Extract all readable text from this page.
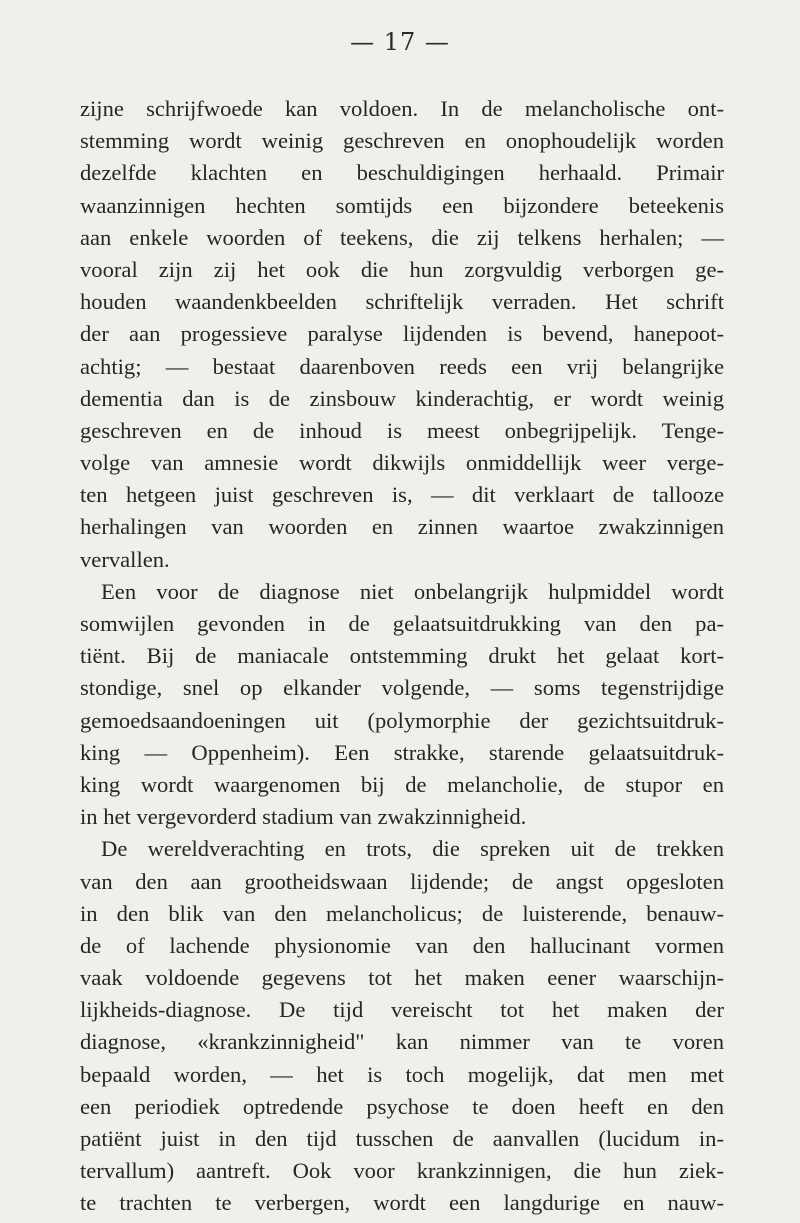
— 17 —
zijne schrijfwoede kan voldoen. In de melancholische ont-
stemming wordt weinig geschreven en onophoudelijk worden
dezelfde klachten en beschuldigingen herhaald. Primair
waanzinnigen hechten somtijds een bijzondere beteekenis
aan enkele woorden of teekens, die zij telkens herhalen; —
vooral zijn zij het ook die hun zorgvuldig verborgen ge-
houden waandenkbeelden schriftelijk verraden. Het schrift
der aan progessieve paralyse lijdenden is bevend, hanepoot-
achtig; — bestaat daarenboven reeds een vrij belangrijke
dementia dan is de zinsbouw kinderachtig, er wordt weinig
geschreven en de inhoud is meest onbegrijpelijk. Tenge-
volge van amnesie wordt dikwijls onmiddellijk weer verge-
ten hetgeen juist geschreven is, — dit verklaart de tallooze
herhalingen van woorden en zinnen waartoe zwakzinnigen
vervallen.
Een voor de diagnose niet onbelangrijk hulpmiddel wordt
somwijlen gevonden in de gelaatsuitdrukking van den pa-
tiënt. Bij de maniacale ontstemming drukt het gelaat kort-
stondige, snel op elkander volgende, — soms tegenstrijdige
gemoedsaandoeningen uit (polymorphie der gezichtsuitdruk-
king — Oppenheim). Een strakke, starende gelaatsuitdruk-
king wordt waargenomen bij de melancholie, de stupor en
in het vergevorderd stadium van zwakzinnigheid.
De wereldverachting en trots, die spreken uit de trekken
van den aan grootheidswaan lijdende; de angst opgesloten
in den blik van den melancholicus; de luisterende, benauw-
de of lachende physionomie van den hallucinant vormen
vaak voldoende gegevens tot het maken eener waarschijn-
lijkheids-diagnose. De tijd vereischt tot het maken der
diagnose, «krankzinnigheid" kan nimmer van te voren
bepaald worden, — het is toch mogelijk, dat men met
een periodiek optredende psychose te doen heeft en den
patiënt juist in den tijd tusschen de aanvallen (lucidum in-
tervallum) aantreft. Ook voor krankzinnigen, die hun ziek-
te trachten te verbergen, wordt een langdurige en nauw-
